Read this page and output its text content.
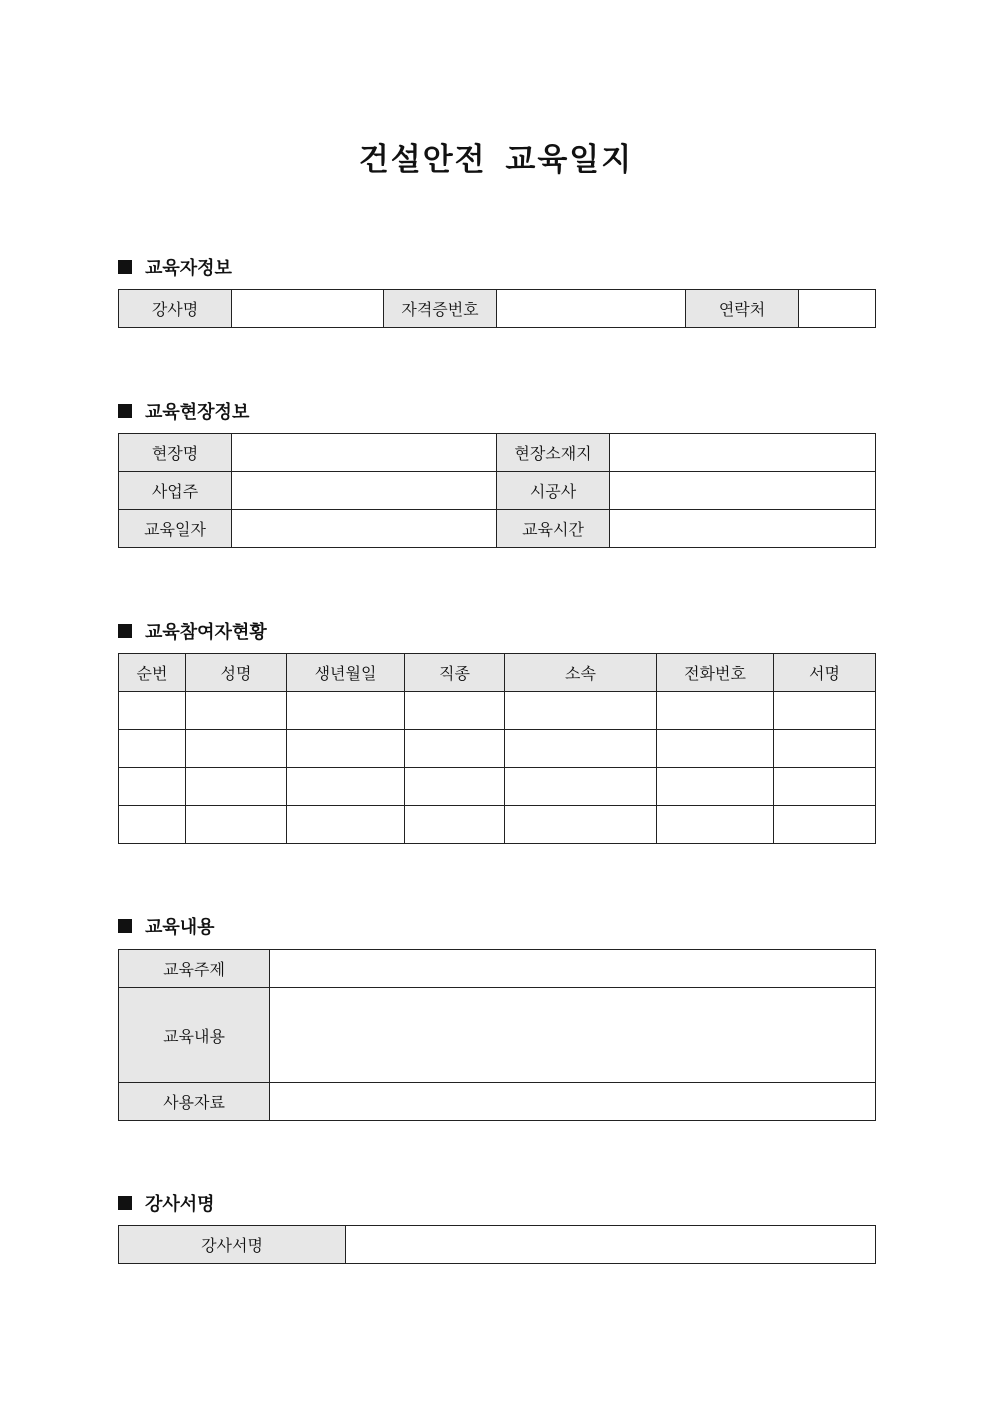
건설안전 교육일지
교육자정보
강사명		자격증번호		연락처	
교육현장정보
현장명		현장소재지	
사업주		시공사	
교육일자		교육시간	
교육참여자현황
순번	성명	생년월일	직종	소속	전화번호	서명

교육내용
교육주제	
교육내용	
사용자료	
강사서명
강사서명	
